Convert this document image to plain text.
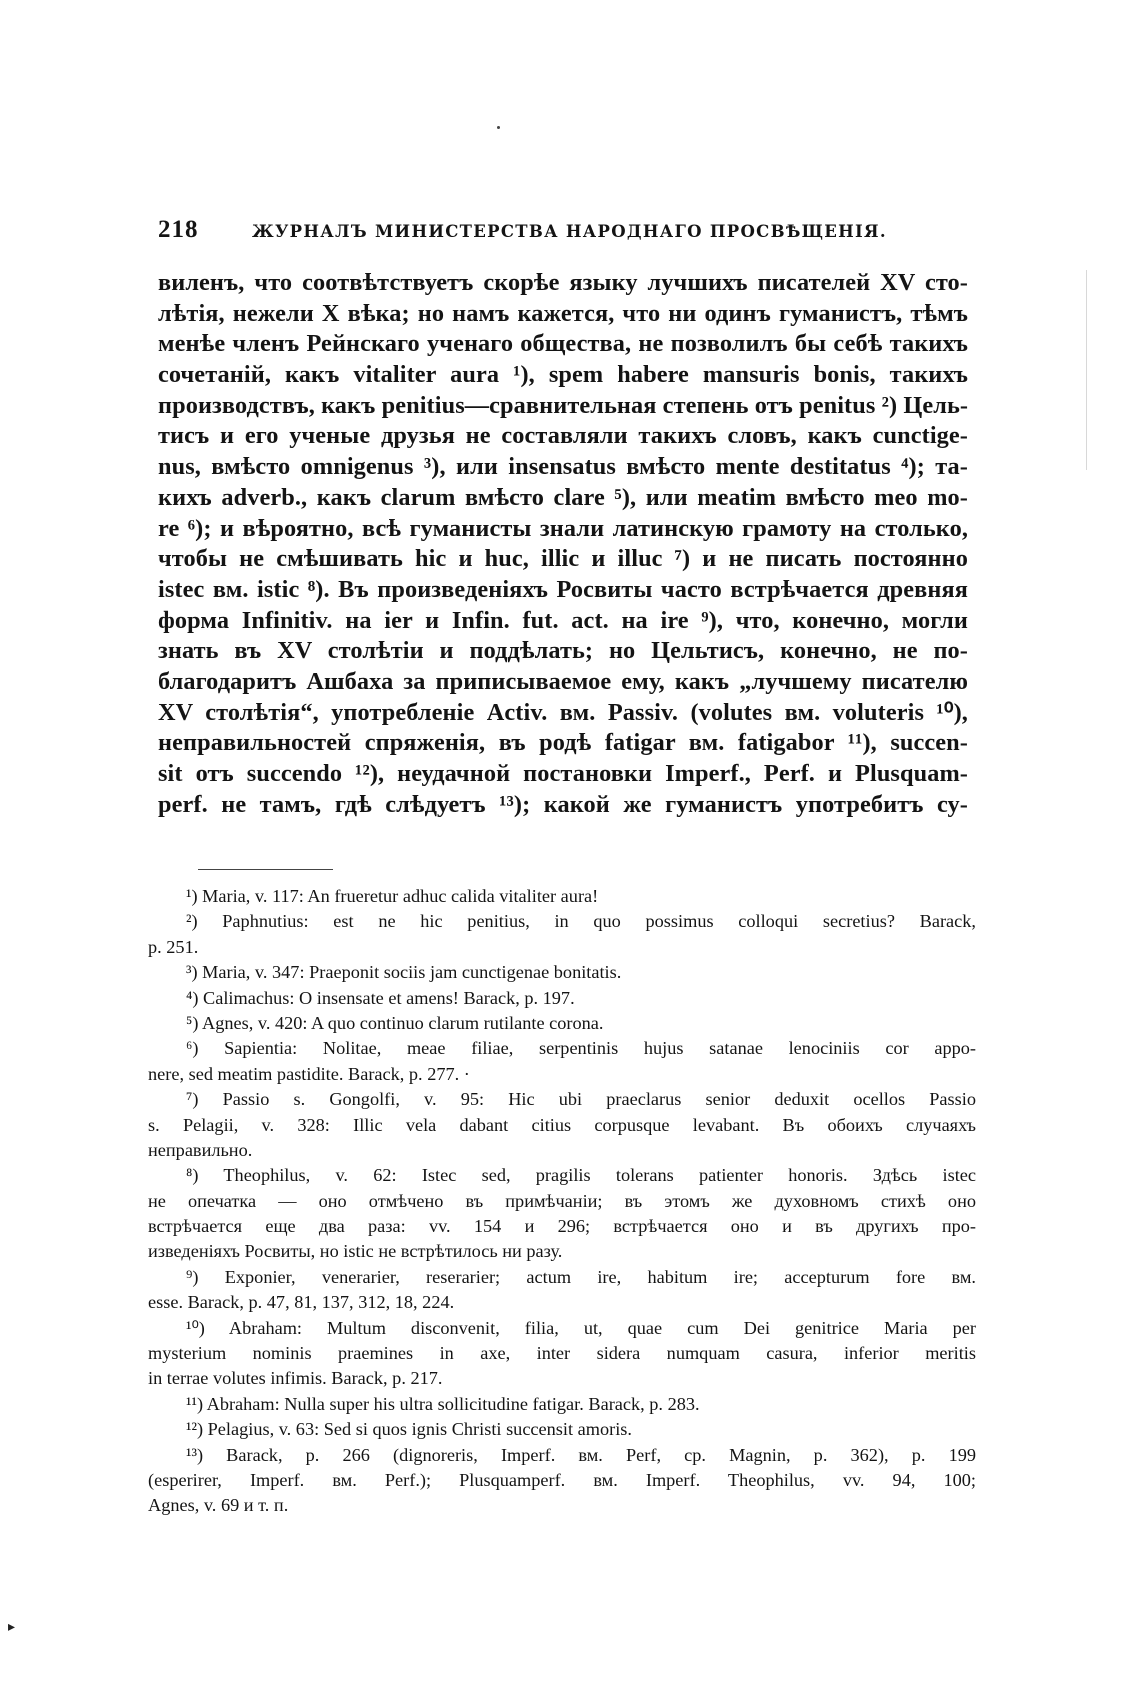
218	ЖУРНАЛЪ МИНИСТЕРСТВА НАРОДНАГО ПРОСВѢЩЕНІЯ.
виленъ, что соотвѣтствуетъ скорѣе языку лучшихъ писателей XV сто-
лѣтія, нежели X вѣка; но намъ кажется, что ни одинъ гуманистъ, тѣмъ
менѣе членъ Рейнскаго ученаго общества, не позволилъ бы себѣ такихъ
сочетаній, какъ vitaliter aura ¹), spem habere mansuris bonis, такихъ
производствъ, какъ penitius—сравнительная степень отъ penitus ²) Цель-
тисъ и его ученые друзья не составляли такихъ словъ, какъ cunctige-
nus, вмѣсто omnigenus ³), или insensatus вмѣсто mente destitatus ⁴); та-
кихъ adverb., какъ clarum вмѣсто clare ⁵), или meatim вмѣсто meo mo-
re ⁶); и вѣроятно, всѣ гуманисты знали латинскую грамоту на столько,
чтобы не смѣшивать hic и huc, illic и illuc ⁷) и не писать постоянно
istec вм. istic ⁸). Въ произведеніяхъ Росвиты часто встрѣчается древняя
форма Infinitiv. на ier и Infin. fut. act. на ire ⁹), что, конечно, могли
знать въ XV столѣтіи и поддѣлать; но Цельтисъ, конечно, не по-
благодаритъ Ашбаха за приписываемое ему, какъ „лучшему писателю
XV столѣтія“, употребленіе Activ. вм. Passiv. (volutes вм. voluteris ¹⁰),
неправильностей спряженія, въ родѣ fatigar вм. fatigabor ¹¹), succen-
sit отъ succendo ¹²), неудачной постановки Imperf., Perf. и Plusquam-
perf. не тамъ, гдѣ слѣдуетъ ¹³); какой же гуманистъ употребитъ су-
¹) Maria, v. 117: An frueretur adhuc calida vitaliter aura!
²) Paphnutius: est ne hic penitius, in quo possimus colloqui secretius? Barack,
p. 251.
³) Maria, v. 347: Praeponit sociis jam cunctigenae bonitatis.
⁴) Calimachus: O insensate et amens! Barack, p. 197.
⁵) Agnes, v. 420: A quo continuo clarum rutilante corona.
⁶) Sapientia: Nolitae, meae filiae, serpentinis hujus satanae lenociniis cor appo-
nere, sed meatim pastidite. Barack, p. 277. ·
⁷) Passio s. Gongolfi, v. 95: Hic ubi praeclarus senior deduxit ocellos Passio
s. Pelagii, v. 328: Illic vela dabant citius corpusque levabant. Въ обоихъ случаяхъ
неправильно.
⁸) Theophilus, v. 62: Istec sed, pragilis tolerans patienter honoris. Здѣсь istec
не опечатка — оно отмѣчено въ примѣчаніи; въ этомъ же духовномъ стихѣ оно
встрѣчается еще два раза: vv. 154 и 296; встрѣчается оно и въ другихъ про-
изведеніяхъ Росвиты, но istic не встрѣтилось ни разу.
⁹) Exponier, venerarier, reserarier; actum ire, habitum ire; accepturum fore вм.
esse. Barack, p. 47, 81, 137, 312, 18, 224.
¹⁰) Abraham: Multum disconvenit, filia, ut, quae cum Dei genitrice Maria per
mysterium nominis praemines in axe, inter sidera numquam casura, inferior meritis
in terrae volutes infimis. Barack, p. 217.
¹¹) Abraham: Nulla super his ultra sollicitudine fatigar. Barack, p. 283.
¹²) Pelagius, v. 63: Sed si quos ignis Christi succensit amoris.
¹³) Barack, p. 266 (dignoreris, Imperf. вм. Perf, ср. Magnin, p. 362), p. 199
(esperirer, Imperf. вм. Perf.); Plusquamperf. вм. Imperf. Theophilus, vv. 94, 100;
Agnes, v. 69 и т. п.
▸
